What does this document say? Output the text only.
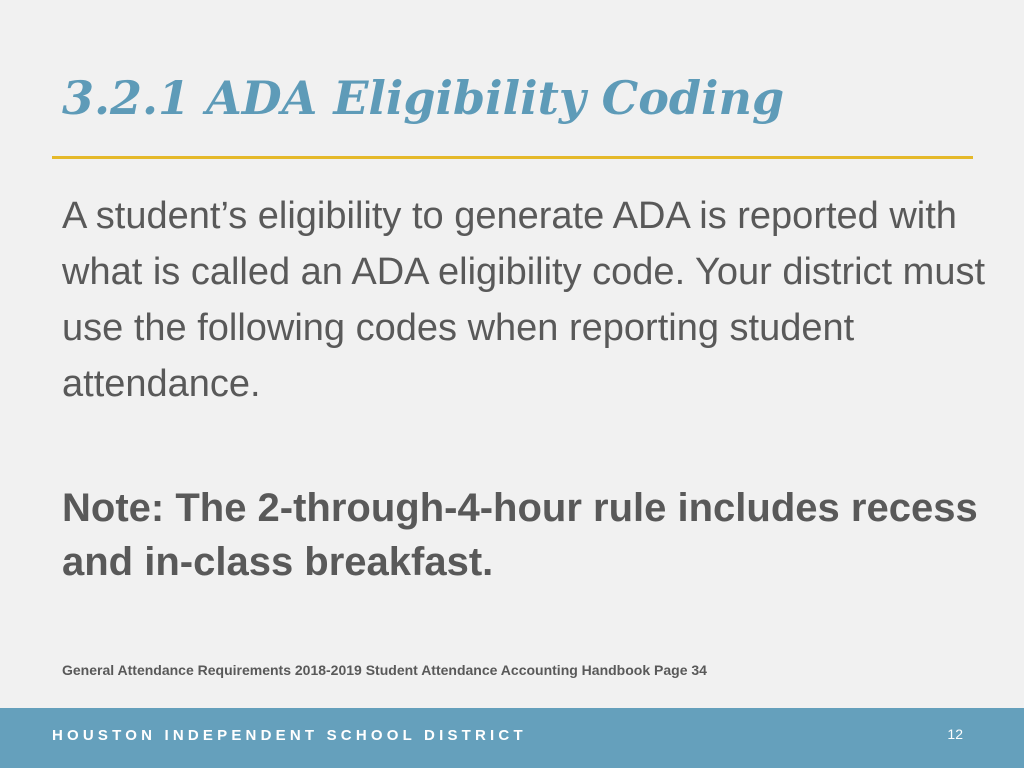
3.2.1 ADA Eligibility Coding

A student’s eligibility to generate ADA is reported with what is called an ADA eligibility code. Your district must use the following codes when reporting student attendance.

Note: The 2-through-4-hour rule includes recess and in-class breakfast.

General Attendance Requirements 2018-2019 Student Attendance Accounting Handbook Page 34

HOUSTON INDEPENDENT SCHOOL DISTRICT	12
